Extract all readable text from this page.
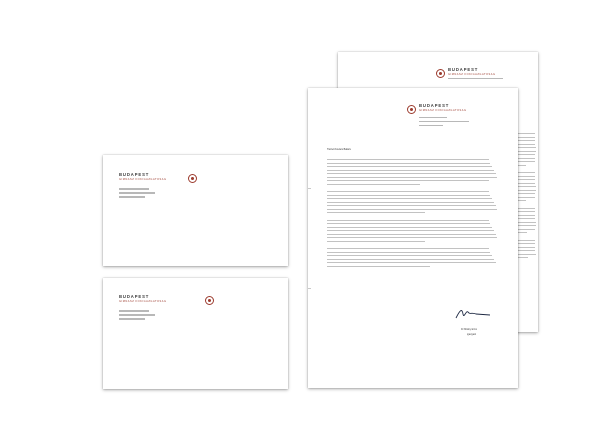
BUDAPEST
GIMNASZ FOKIGAZGATOSAG
BUDAPEST
GIMNASZ FOKIGAZGATOSAG
BUDAPEST
GIMNASZ FOKIGAZGATOSAG
BUDAPEST
GIMNASZ FOKIGAZGATOSAG
Tisztelt Kovács Balázs
Dr Mikloy Erzsi
igazgató
